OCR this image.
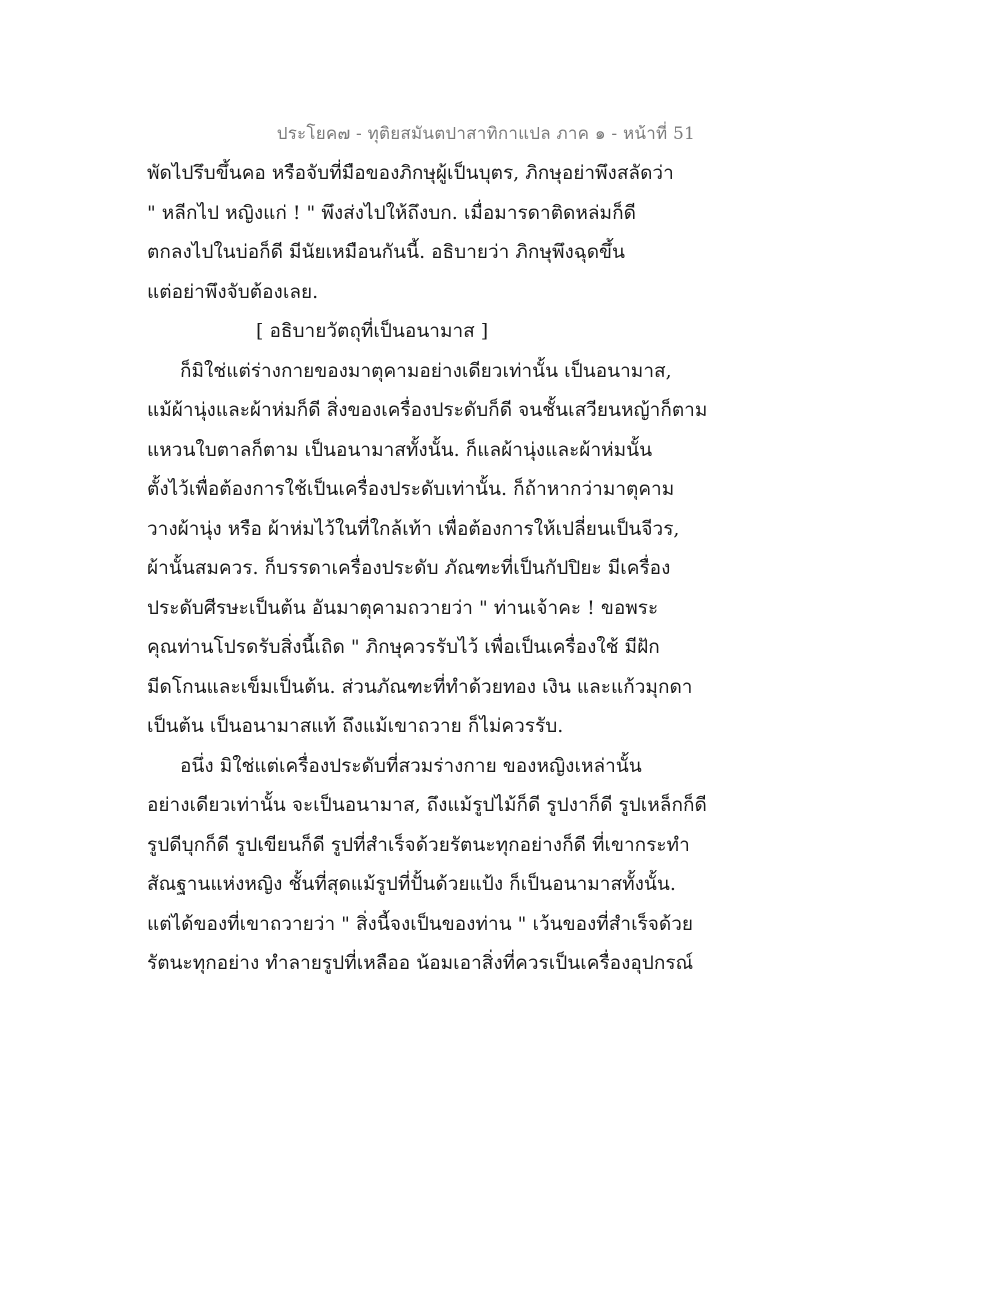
ประโยค๗ - ทุติยสมันตปาสาทิกาแปล ภาค ๑ - หน้าที่ 51
พัดไปรึบขึ้นคอ หรือจับที่มือของภิกษุผู้เป็นบุตร, ภิกษุอย่าพึงสลัดว่า
" หลีกไป หญิงแก่ ! " พึงส่งไปให้ถึงบก. เมื่อมารดาติดหล่มก็ดี
ตกลงไปในบ่อก็ดี มีนัยเหมือนกันนี้. อธิบายว่า ภิกษุพึงฉุดขึ้น
แต่อย่าพึงจับต้องเลย.
[ อธิบายวัตถุที่เป็นอนามาส ]
ก็มิใช่แต่ร่างกายของมาตุคามอย่างเดียวเท่านั้น เป็นอนามาส,
แม้ผ้านุ่งและผ้าห่มก็ดี สิ่งของเครื่องประดับก็ดี จนชั้นเสวียนหญ้าก็ตาม
แหวนใบตาลก็ตาม เป็นอนามาสทั้งนั้น. ก็แลผ้านุ่งและผ้าห่มนั้น
ตั้งไว้เพื่อต้องการใช้เป็นเครื่องประดับเท่านั้น. ก็ถ้าหากว่ามาตุคาม
วางผ้านุ่ง หรือ ผ้าห่มไว้ในที่ใกล้เท้า เพื่อต้องการให้เปลี่ยนเป็นจีวร,
ผ้านั้นสมควร. ก็บรรดาเครื่องประดับ ภัณฑะที่เป็นกัปปิยะ มีเครื่อง
ประดับศีรษะเป็นต้น อันมาตุคามถวายว่า " ท่านเจ้าคะ ! ขอพระ
คุณท่านโปรดรับสิ่งนี้เถิด " ภิกษุควรรับไว้ เพื่อเป็นเครื่องใช้ มีฝัก
มีดโกนและเข็มเป็นต้น. ส่วนภัณฑะที่ทำด้วยทอง เงิน และแก้วมุกดา
เป็นต้น เป็นอนามาสแท้ ถึงแม้เขาถวาย ก็ไม่ควรรับ.
อนึ่ง มิใช่แต่เครื่องประดับที่สวมร่างกาย ของหญิงเหล่านั้น
อย่างเดียวเท่านั้น จะเป็นอนามาส, ถึงแม้รูปไม้ก็ดี รูปงาก็ดี รูปเหล็กก็ดี
รูปดีบุกก็ดี รูปเขียนก็ดี รูปที่สำเร็จด้วยรัตนะทุกอย่างก็ดี ที่เขากระทำ
สัณฐานแห่งหญิง ชั้นที่สุดแม้รูปที่ปั้นด้วยแป้ง ก็เป็นอนามาสทั้งนั้น.
แต่ได้ของที่เขาถวายว่า " สิ่งนี้จงเป็นของท่าน " เว้นของที่สำเร็จด้วย
รัตนะทุกอย่าง ทำลายรูปที่เหลืออ น้อมเอาสิ่งที่ควรเป็นเครื่องอุปกรณ์
